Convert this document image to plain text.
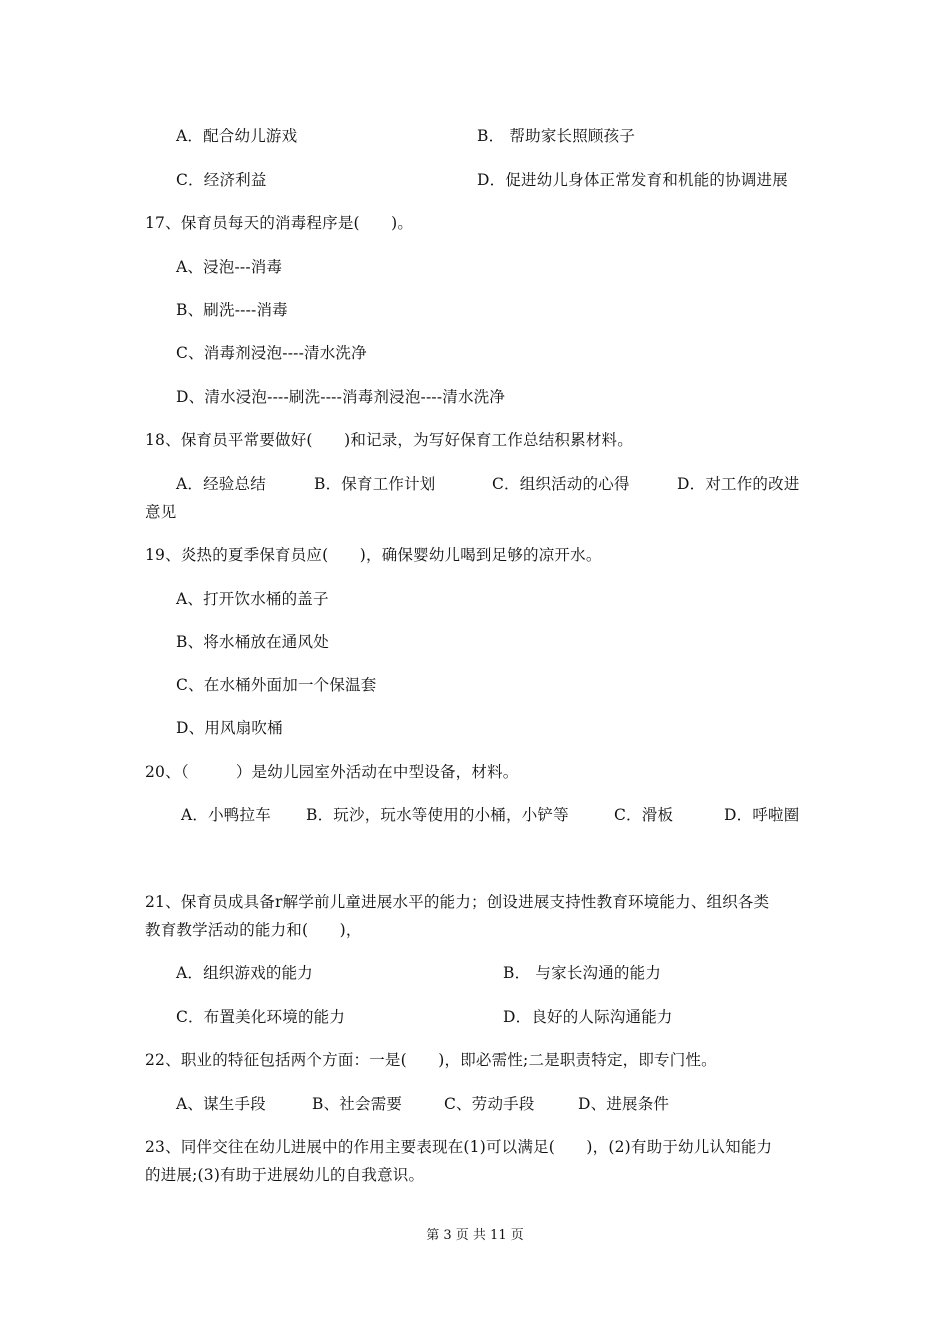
A．配合幼儿游戏	B． 帮助家长照顾孩子
C．经济利益	D．促进幼儿身体正常发育和机能的协调进展
17、保育员每天的消毒程序是(　　)。
A、浸泡---消毒
B、刷洗----消毒
C、消毒剂浸泡----清水洗净
D、清水浸泡----刷洗----消毒剂浸泡----清水洗净
18、保育员平常要做好(　　)和记录，为写好保育工作总结积累材料。
A．经验总结	B．保育工作计划	C．组织活动的心得	D．对工作的改进
意见
19、炎热的夏季保育员应(　　)，确保婴幼儿喝到足够的凉开水。
A、打开饮水桶的盖子
B、将水桶放在通风处
C、在水桶外面加一个保温套
D、用风扇吹桶
20、（　　　）是幼儿园室外活动在中型设备，材料。
A．小鸭拉车 B．玩沙，玩水等使用的小桶，小铲等	C．滑板	D．呼啦圈
21、保育员成具备r解学前儿童进展水平的能力；创设进展支持性教育环境能力、组织各类
教育教学活动的能力和(　　)，
A．组织游戏的能力	B． 与家长沟通的能力
C．布置美化环境的能力	D．良好的人际沟通能力
22、职业的特征包括两个方面：一是(　　)，即必需性;二是职责特定，即专门性。
A、谋生手段	B、社会需要	C、劳动手段	D、进展条件
23、同伴交往在幼儿进展中的作用主要表现在(1)可以满足(　　)，(2)有助于幼儿认知能力
的进展;(3)有助于进展幼儿的自我意识。
第 3 页 共 11 页
